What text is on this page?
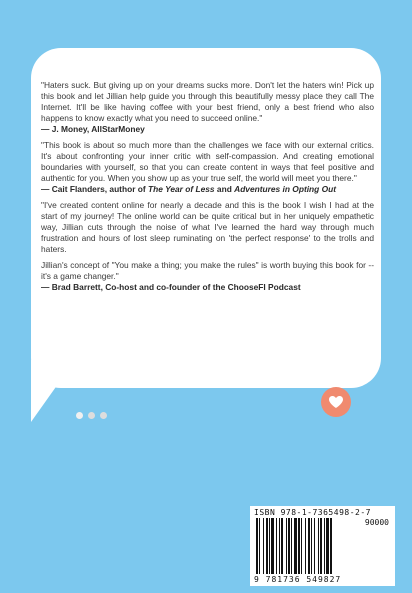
"Haters suck. But giving up on your dreams sucks more. Don't let the haters win! Pick up this book and let Jillian help guide you through this beautifully messy place they call The Internet. It'll be like having coffee with your best friend, only a best friend who also happens to know exactly what you need to succeed online."
— J. Money, AllStarMoney

"This book is about so much more than the challenges we face with our external critics. It's about confronting your inner critic with self-compassion. And creating emotional boundaries with yourself, so that you can create content in ways that feel positive and authentic for you. When you show up as your true self, the world will meet you there."
— Cait Flanders, author of The Year of Less and Adventures in Opting Out

"I've created content online for nearly a decade and this is the book I wish I had at the start of my journey! The online world can be quite critical but in her uniquely empathetic way, Jillian cuts through the noise of what I've learned the hard way through much frustration and hours of lost sleep ruminating on 'the perfect response' to the trolls and haters.

Jillian's concept of "You make a thing; you make the rules" is worth buying this book for -- it's a game changer."
— Brad Barrett, Co-host and co-founder of the ChooseFI Podcast

ISBN 978-1-7365498-2-7
90000
9 781736 549827
